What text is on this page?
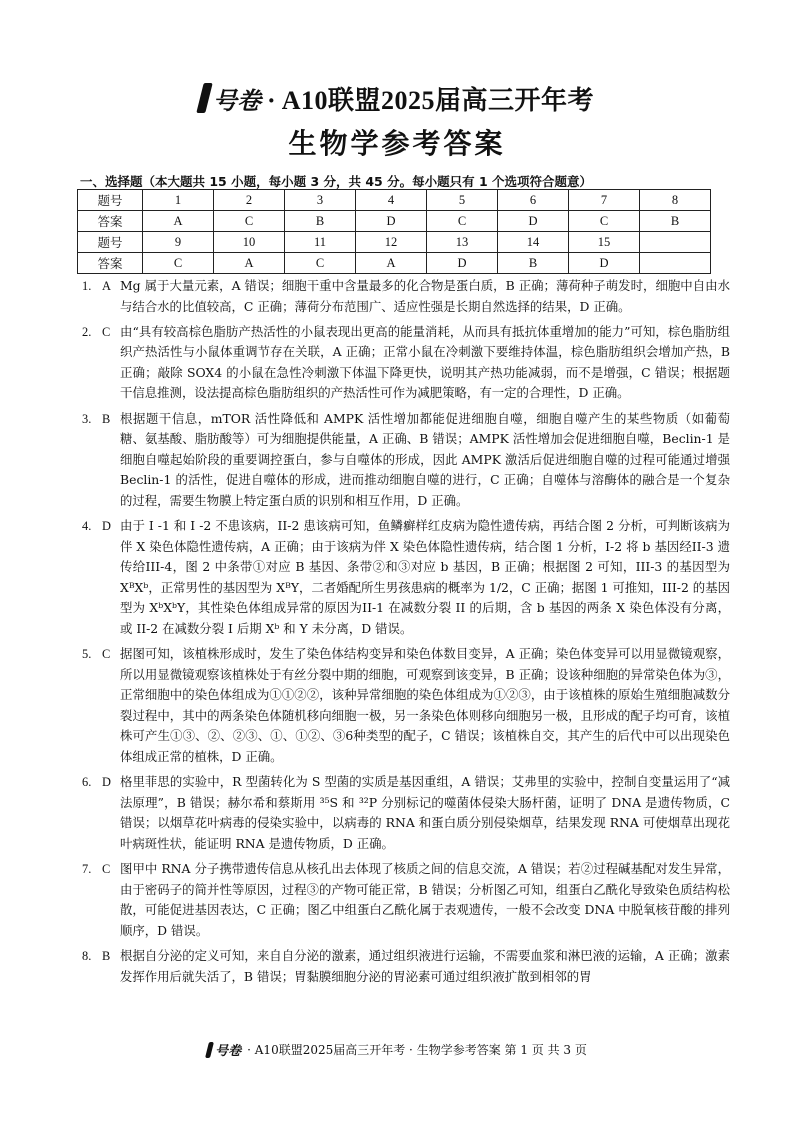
号卷 · A10联盟2025届高三开年考
生物学参考答案
一、选择题（本大题共 15 小题，每小题 3 分，共 45 分。每小题只有 1 个选项符合题意）
题号	1	2	3	4	5	6	7	8
答案	A	C	B	D	C	D	C	B
题号	9	10	11	12	13	14	15	
答案	C	A	C	A	D	B	D	
1. A Mg 属于大量元素，A 错误；细胞干重中含量最多的化合物是蛋白质，B 正确；薄荷种子萌发时，细胞中自由水与结合水的比值较高，C 正确；薄荷分布范围广、适应性强是长期自然选择的结果，D 正确。
2. C 由“具有较高棕色脂肪产热活性的小鼠表现出更高的能量消耗，从而具有抵抗体重增加的能力”可知，棕色脂肪组织产热活性与小鼠体重调节存在关联，A 正确；正常小鼠在冷刺激下要维持体温，棕色脂肪组织会增加产热，B 正确；敲除 SOX4 的小鼠在急性冷刺激下体温下降更快，说明其产热功能减弱，而不是增强，C 错误；根据题干信息推测，设法提高棕色脂肪组织的产热活性可作为减肥策略，有一定的合理性，D 正确。
3. B 根据题干信息，mTOR 活性降低和 AMPK 活性增加都能促进细胞自噬，细胞自噬产生的某些物质（如葡萄糖、氨基酸、脂肪酸等）可为细胞提供能量，A 正确、B 错误；AMPK 活性增加会促进细胞自噬，Beclin-1 是细胞自噬起始阶段的重要调控蛋白，参与自噬体的形成，因此 AMPK 激活后促进细胞自噬的过程可能通过增强 Beclin-1 的活性，促进自噬体的形成，进而推动细胞自噬的进行，C 正确；自噬体与溶酶体的融合是一个复杂的过程，需要生物膜上特定蛋白质的识别和相互作用，D 正确。
4. D 由于 I -1 和 I -2 不患该病，II-2 患该病可知，鱼鳞癣样红皮病为隐性遗传病，再结合图 2 分析，可判断该病为伴 X 染色体隐性遗传病，A 正确；由于该病为伴 X 染色体隐性遗传病，结合图 1 分析，I-2 将 b 基因经II-3 遗传给III-4，图 2 中条带①对应 B 基因、条带②和③对应 b 基因，B 正确；根据图 2 可知，III-3 的基因型为 XᴮXᵇ，正常男性的基因型为 XᴮY，二者婚配所生男孩患病的概率为 1/2，C 正确；据图 1 可推知，III-2 的基因型为 XᵇXᵇY，其性染色体组成异常的原因为II-1 在减数分裂 II 的后期，含 b 基因的两条 X 染色体没有分离，或 II-2 在减数分裂 I 后期 Xᵇ 和 Y 未分离，D 错误。
5. C 据图可知，该植株形成时，发生了染色体结构变异和染色体数目变异，A 正确；染色体变异可以用显微镜观察，所以用显微镜观察该植株处于有丝分裂中期的细胞，可观察到该变异，B 正确；设该种细胞的异常染色体为③，正常细胞中的染色体组成为①①②②，该种异常细胞的染色体组成为①②③，由于该植株的原始生殖细胞减数分裂过程中，其中的两条染色体随机移向细胞一极，另一条染色体则移向细胞另一极，且形成的配子均可育，该植株可产生①③、②、②③、①、①②、③6种类型的配子，C 错误；该植株自交，其产生的后代中可以出现染色体组成正常的植株，D 正确。
6. D 格里菲思的实验中，R 型菌转化为 S 型菌的实质是基因重组，A 错误；艾弗里的实验中，控制自变量运用了“减法原理”，B 错误；赫尔希和蔡斯用 ³⁵S 和 ³²P 分别标记的噬菌体侵染大肠杆菌，证明了 DNA 是遗传物质，C 错误；以烟草花叶病毒的侵染实验中，以病毒的 RNA 和蛋白质分别侵染烟草，结果发现 RNA 可使烟草出现花叶病斑性状，能证明 RNA 是遗传物质，D 正确。
7. C 图甲中 RNA 分子携带遗传信息从核孔出去体现了核质之间的信息交流，A 错误；若②过程碱基配对发生异常，由于密码子的简并性等原因，过程③的产物可能正常，B 错误；分析图乙可知，组蛋白乙酰化导致染色质结构松散，可能促进基因表达，C 正确；图乙中组蛋白乙酰化属于表观遗传，一般不会改变 DNA 中脱氧核苷酸的排列顺序，D 错误。
8. B 根据自分泌的定义可知，来自自分泌的激素，通过组织液进行运输，不需要血浆和淋巴液的运输，A 正确；激素发挥作用后就失活了，B 错误；胃黏膜细胞分泌的胃泌素可通过组织液扩散到相邻的胃
号卷 · A10联盟2025届高三开年考 · 生物学参考答案 第 1 页 共 3 页
